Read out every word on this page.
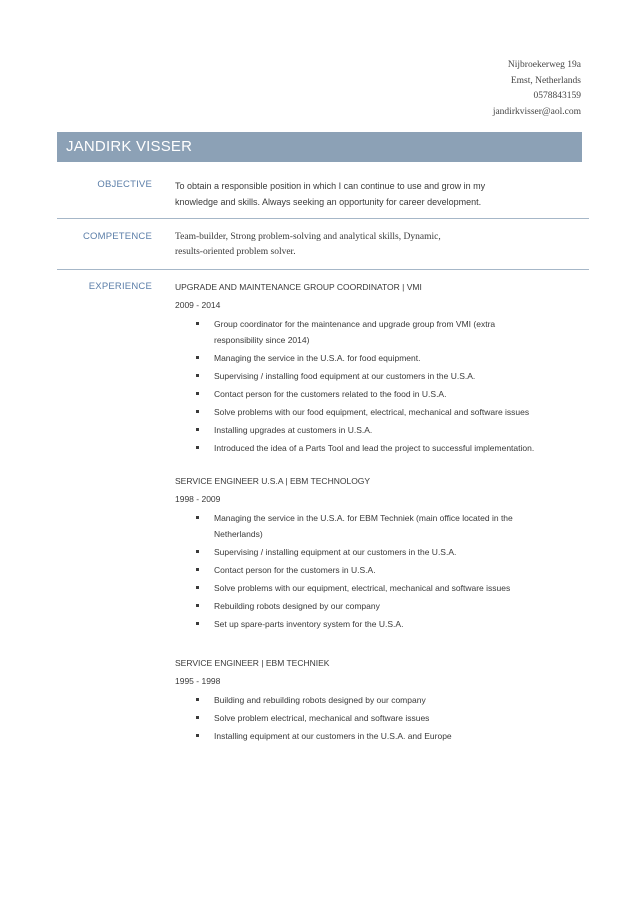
Nijbroekerweg 19a
Emst, Netherlands
0578843159
jandirkvisser@aol.com
JANDIRK VISSER
OBJECTIVE	To obtain a responsible position in which I can continue to use and grow in my
knowledge and skills. Always seeking an opportunity for career development.
COMPETENCE Team-builder, Strong problem-solving and analytical skills, Dynamic,
results-oriented problem solver.
EXPERIENCE	UPGRADE AND MAINTENANCE GROUP COORDINATOR | VMI
2009 - 2014
Group coordinator for the maintenance and upgrade group from VMI (extra
responsibility since 2014)
Managing the service in the U.S.A. for food equipment.
Supervising / installing food equipment at our customers in the U.S.A.
Contact person for the customers related to the food in U.S.A.
Solve problems with our food equipment, electrical, mechanical and software issues
Installing upgrades at customers in U.S.A.
Introduced the idea of a Parts Tool and lead the project to successful implementation.
SERVICE ENGINEER U.S.A | EBM TECHNOLOGY
1998 - 2009
Managing the service in the U.S.A. for EBM Techniek (main office located in the
Netherlands)
Supervising / installing equipment at our customers in the U.S.A.
Contact person for the customers in U.S.A.
Solve problems with our equipment, electrical, mechanical and software issues
Rebuilding robots designed by our company
Set up spare-parts inventory system for the U.S.A.
SERVICE ENGINEER | EBM TECHNIEK
1995 - 1998
Building and rebuilding robots designed by our company
Solve problem electrical, mechanical and software issues
Installing equipment at our customers in the U.S.A. and Europe
